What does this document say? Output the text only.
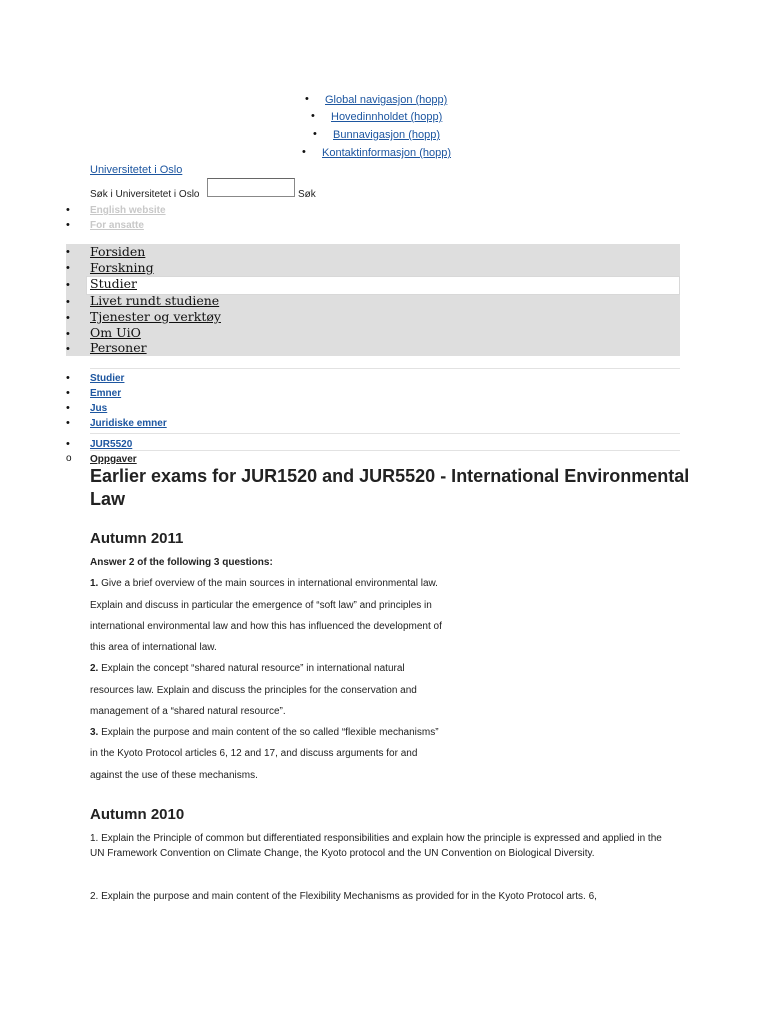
• Global navigasjon (hopp)
• Hovedinnholdet (hopp)
• Bunnavigasjon (hopp)
• Kontaktinformasjon (hopp)
Universitetet i Oslo
Søk i Universitetet i Oslo	Søk
• English website
• For ansatte
• Forsiden
• Forskning
• Studier
• Livet rundt studiene
• Tjenester og verktøy
• Om UiO
• Personer
• Studier
• Emner
• Jus
• Juridiske emner
• JUR5520
o Oppgaver
Earlier exams for JUR1520 and JUR5520 - International Environmental Law
Autumn 2011
Answer 2 of the following 3 questions:
1. Give a brief overview of the main sources in international environmental law.
Explain and discuss in particular the emergence of “soft law” and principles in
international environmental law and how this has influenced the development of
this area of international law.
2. Explain the concept “shared natural resource” in international natural
resources law. Explain and discuss the principles for the conservation and
management of a “shared natural resource”.
3. Explain the purpose and main content of the so called “flexible mechanisms”
in the Kyoto Protocol articles 6, 12 and 17, and discuss arguments for and
against the use of these mechanisms.
Autumn 2010
1. Explain the Principle of common but differentiated responsibilities and explain how the principle is expressed and applied in the UN Framework Convention on Climate Change, the Kyoto protocol and the UN Convention on Biological Diversity.
2. Explain the purpose and main content of the Flexibility Mechanisms as provided for in the Kyoto Protocol arts. 6,
